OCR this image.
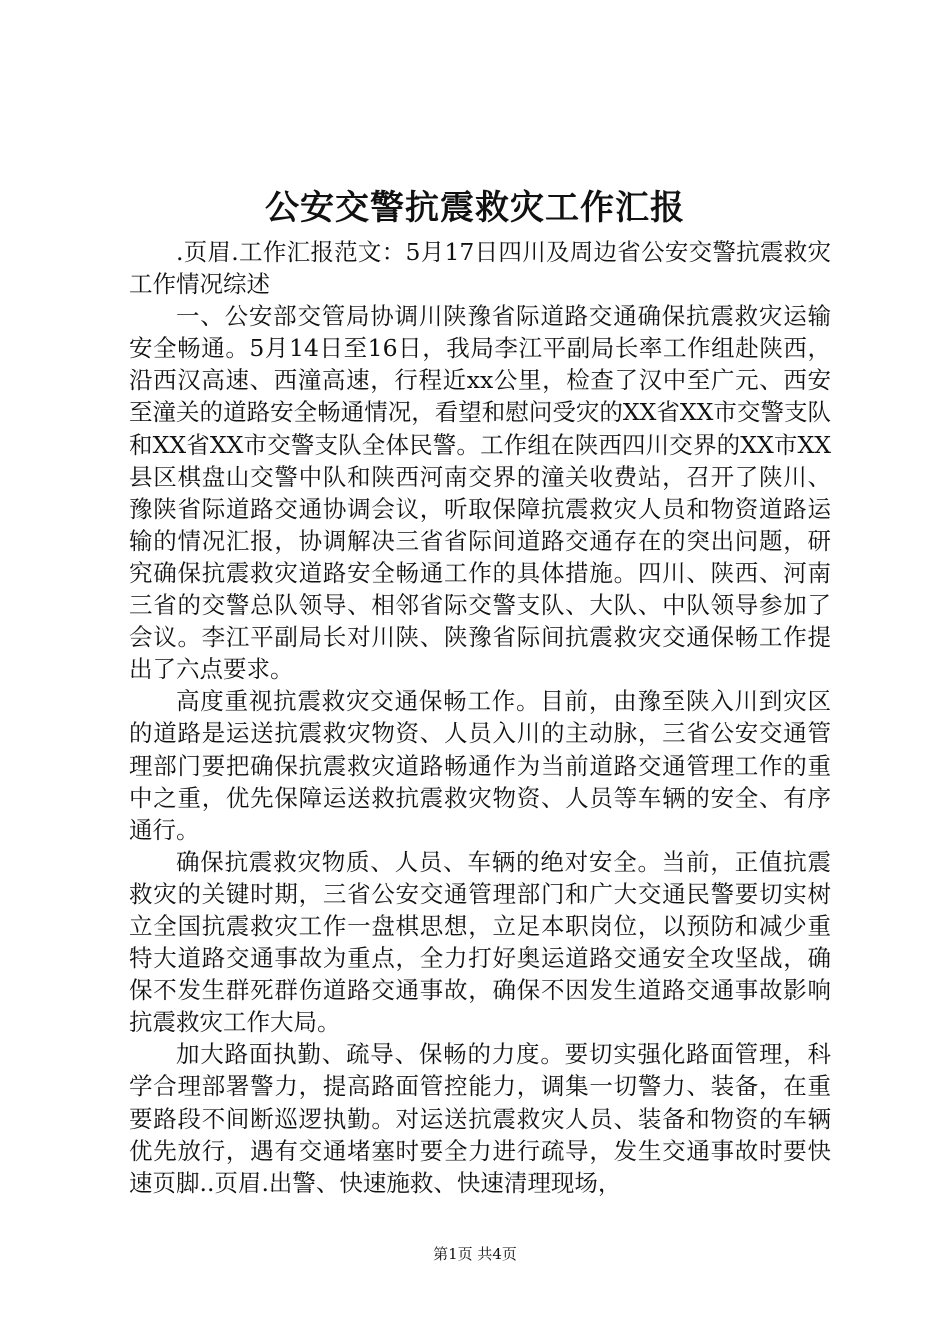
公安交警抗震救灾工作汇报

.页眉.工作汇报范文：5月17日四川及周边省公安交警抗震救灾工作情况综述

一、公安部交管局协调川陕豫省际道路交通确保抗震救灾运输安全畅通。5月14日至16日，我局李江平副局长率工作组赴陕西，沿西汉高速、西潼高速，行程近xx公里，检查了汉中至广元、西安至潼关的道路安全畅通情况，看望和慰问受灾的XX省XX市交警支队和XX省XX市交警支队全体民警。工作组在陕西四川交界的XX市XX县区棋盘山交警中队和陕西河南交界的潼关收费站，召开了陕川、豫陕省际道路交通协调会议，听取保障抗震救灾人员和物资道路运输的情况汇报，协调解决三省省际间道路交通存在的突出问题，研究确保抗震救灾道路安全畅通工作的具体措施。四川、陕西、河南三省的交警总队领导、相邻省际交警支队、大队、中队领导参加了会议。李江平副局长对川陕、陕豫省际间抗震救灾交通保畅工作提出了六点要求。

高度重视抗震救灾交通保畅工作。目前，由豫至陕入川到灾区的道路是运送抗震救灾物资、人员入川的主动脉，三省公安交通管理部门要把确保抗震救灾道路畅通作为当前道路交通管理工作的重中之重，优先保障运送救抗震救灾物资、人员等车辆的安全、有序通行。

确保抗震救灾物质、人员、车辆的绝对安全。当前，正值抗震救灾的关键时期，三省公安交通管理部门和广大交通民警要切实树立全国抗震救灾工作一盘棋思想，立足本职岗位，以预防和减少重特大道路交通事故为重点，全力打好奥运道路交通安全攻坚战，确保不发生群死群伤道路交通事故，确保不因发生道路交通事故影响抗震救灾工作大局。

加大路面执勤、疏导、保畅的力度。要切实强化路面管理，科学合理部署警力，提高路面管控能力，调集一切警力、装备，在重要路段不间断巡逻执勤。对运送抗震救灾人员、装备和物资的车辆优先放行，遇有交通堵塞时要全力进行疏导，发生交通事故时要快速页脚..页眉.出警、快速施救、快速清理现场，

第1页 共4页
